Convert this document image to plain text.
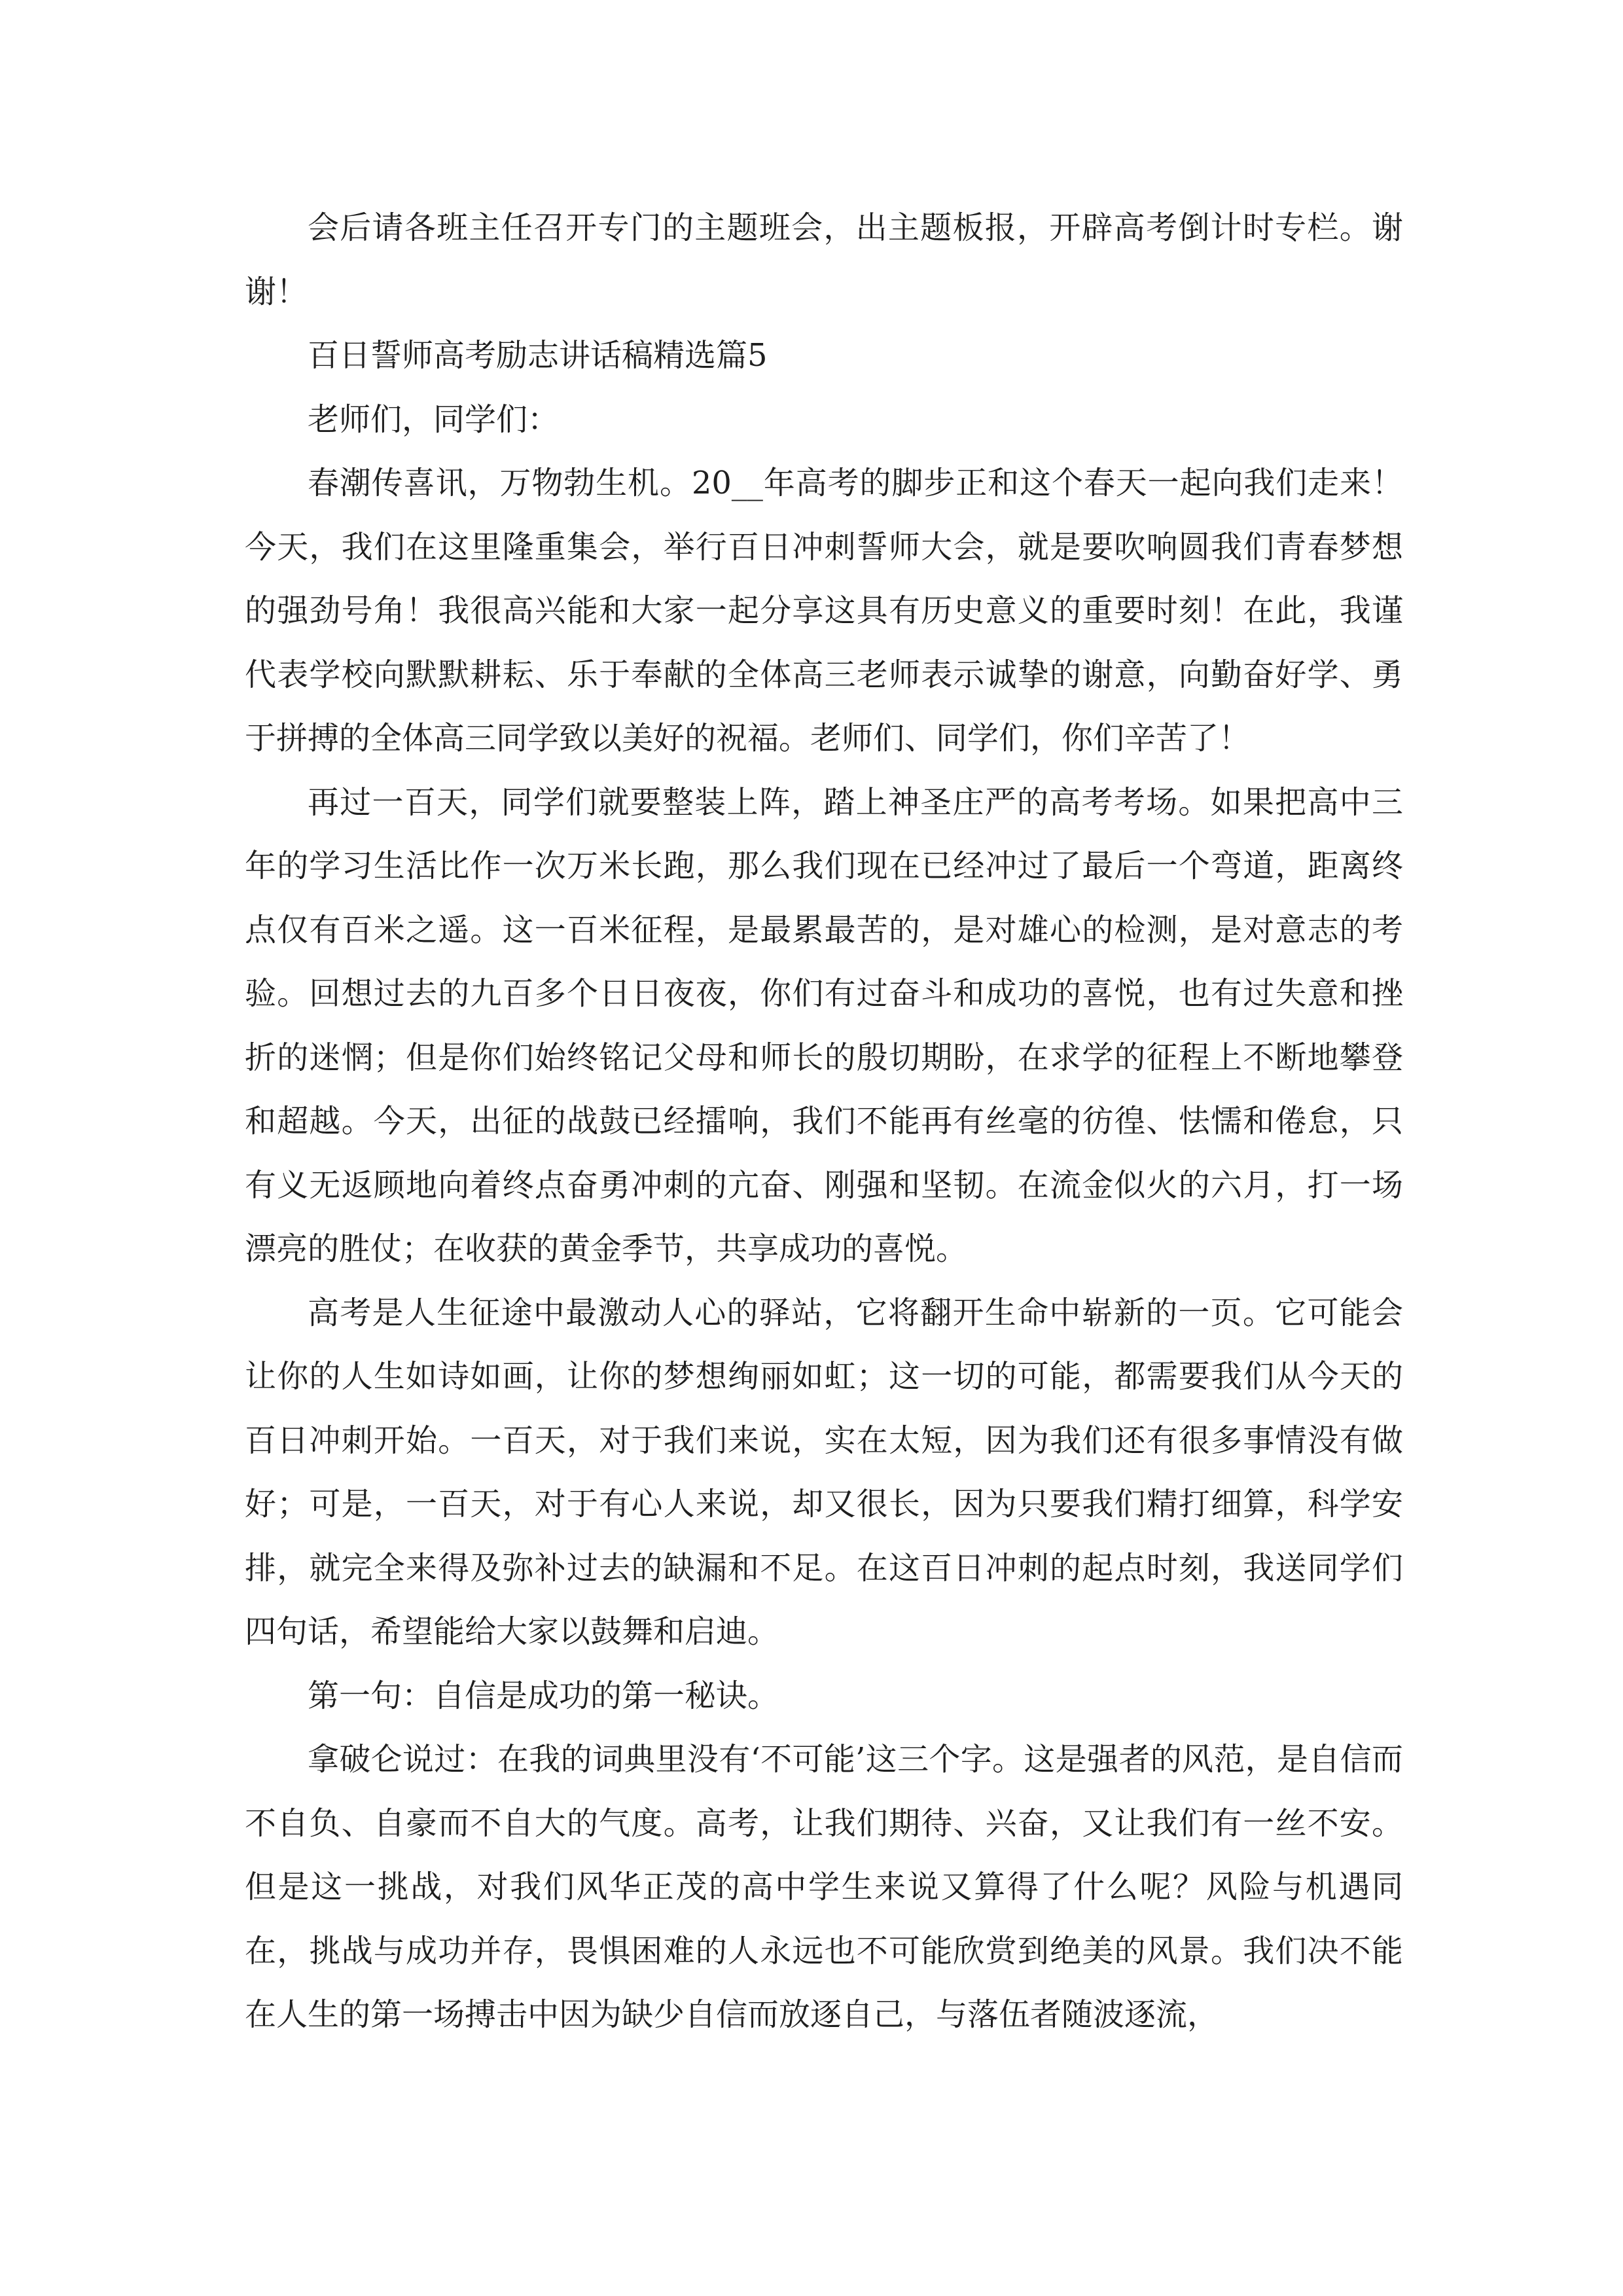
会后请各班主任召开专门的主题班会，出主题板报，开辟高考倒计时专栏。谢谢！

百日誓师高考励志讲话稿精选篇5

老师们，同学们：

春潮传喜讯，万物勃生机。20__年高考的脚步正和这个春天一起向我们走来！今天，我们在这里隆重集会，举行百日冲刺誓师大会，就是要吹响圆我们青春梦想的强劲号角！我很高兴能和大家一起分享这具有历史意义的重要时刻！在此，我谨代表学校向默默耕耘、乐于奉献的全体高三老师表示诚挚的谢意，向勤奋好学、勇于拼搏的全体高三同学致以美好的祝福。老师们、同学们，你们辛苦了！

再过一百天，同学们就要整装上阵，踏上神圣庄严的高考考场。如果把高中三年的学习生活比作一次万米长跑，那么我们现在已经冲过了最后一个弯道，距离终点仅有百米之遥。这一百米征程，是最累最苦的，是对雄心的检测，是对意志的考验。回想过去的九百多个日日夜夜，你们有过奋斗和成功的喜悦，也有过失意和挫折的迷惘；但是你们始终铭记父母和师长的殷切期盼，在求学的征程上不断地攀登和超越。今天，出征的战鼓已经擂响，我们不能再有丝毫的彷徨、怯懦和倦怠，只有义无返顾地向着终点奋勇冲刺的亢奋、刚强和坚韧。在流金似火的六月，打一场漂亮的胜仗；在收获的黄金季节，共享成功的喜悦。

高考是人生征途中最激动人心的驿站，它将翻开生命中崭新的一页。它可能会让你的人生如诗如画，让你的梦想绚丽如虹；这一切的可能，都需要我们从今天的百日冲刺开始。一百天，对于我们来说，实在太短，因为我们还有很多事情没有做好；可是，一百天，对于有心人来说，却又很长，因为只要我们精打细算，科学安排，就完全来得及弥补过去的缺漏和不足。在这百日冲刺的起点时刻，我送同学们四句话，希望能给大家以鼓舞和启迪。

第一句：自信是成功的第一秘诀。

拿破仑说过：在我的词典里没有‘不可能’这三个字。这是强者的风范，是自信而不自负、自豪而不自大的气度。高考，让我们期待、兴奋，又让我们有一丝不安。但是这一挑战，对我们风华正茂的高中学生来说又算得了什么呢？风险与机遇同在，挑战与成功并存，畏惧困难的人永远也不可能欣赏到绝美的风景。我们决不能在人生的第一场搏击中因为缺少自信而放逐自己，与落伍者随波逐流，
